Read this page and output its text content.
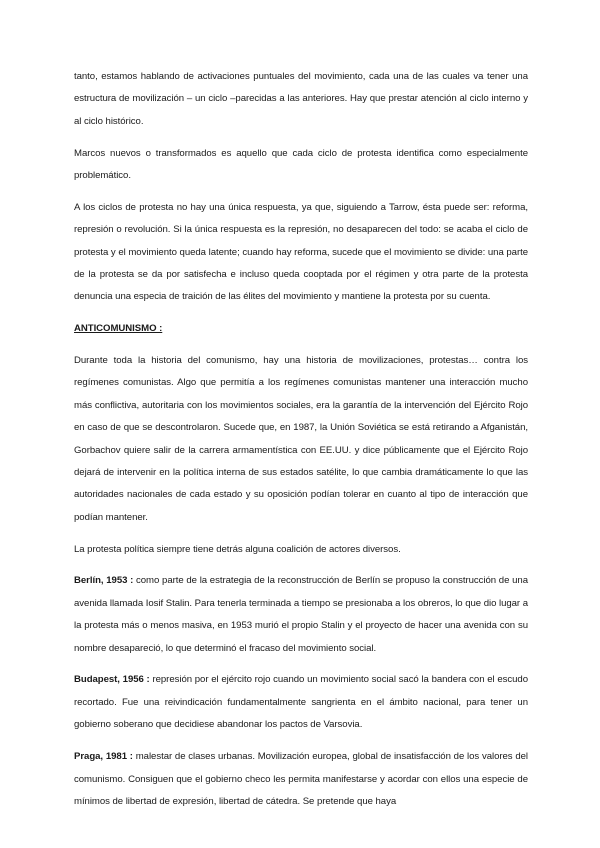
tanto, estamos hablando de activaciones puntuales del movimiento, cada una de las cuales va tener una estructura de movilización – un ciclo –parecidas a las anteriores. Hay que prestar atención al ciclo interno y al ciclo histórico.

Marcos nuevos o transformados es aquello que cada ciclo de protesta identifica como especialmente problemático.

A los ciclos de protesta no hay una única respuesta, ya que, siguiendo a Tarrow, ésta puede ser: reforma, represión o revolución. Si la única respuesta es la represión, no desaparecen del todo: se acaba el ciclo de protesta y el movimiento queda latente; cuando hay reforma, sucede que el movimiento se divide: una parte de la protesta se da por satisfecha e incluso queda cooptada por el régimen y otra parte de la protesta denuncia una especia de traición de las élites del movimiento y mantiene la protesta por su cuenta.

ANTICOMUNISMO :

Durante toda la historia del comunismo, hay una historia de movilizaciones, protestas… contra los regímenes comunistas. Algo que permitía a los regímenes comunistas mantener una interacción mucho más conflictiva, autoritaria con los movimientos sociales, era la garantía de la intervención del Ejército Rojo en caso de que se descontrolaron. Sucede que, en 1987, la Unión Soviética se está retirando a Afganistán, Gorbachov quiere salir de la carrera armamentística con EE.UU. y dice públicamente que el Ejército Rojo dejará de intervenir en la política interna de sus estados satélite, lo que cambia dramáticamente lo que las autoridades nacionales de cada estado y su oposición podían tolerar en cuanto al tipo de interacción que podían mantener.

La protesta política siempre tiene detrás alguna coalición de actores diversos.

Berlín, 1953 : como parte de la estrategia de la reconstrucción de Berlín se propuso la construcción de una avenida llamada Iosif Stalin. Para tenerla terminada a tiempo se presionaba a los obreros, lo que dio lugar a la protesta más o menos masiva, en 1953 murió el propio Stalin y el proyecto de hacer una avenida con su nombre desapareció, lo que determinó el fracaso del movimiento social.

Budapest, 1956 : represión por el ejército rojo cuando un movimiento social sacó la bandera con el escudo recortado. Fue una reivindicación fundamentalmente sangrienta en el ámbito nacional, para tener un gobierno soberano que decidiese abandonar los pactos de Varsovia.

Praga, 1981 : malestar de clases urbanas. Movilización europea, global de insatisfacción de los valores del comunismo. Consiguen que el gobierno checo les permita manifestarse y acordar con ellos una especie de mínimos de libertad de expresión, libertad de cátedra. Se pretende que haya
